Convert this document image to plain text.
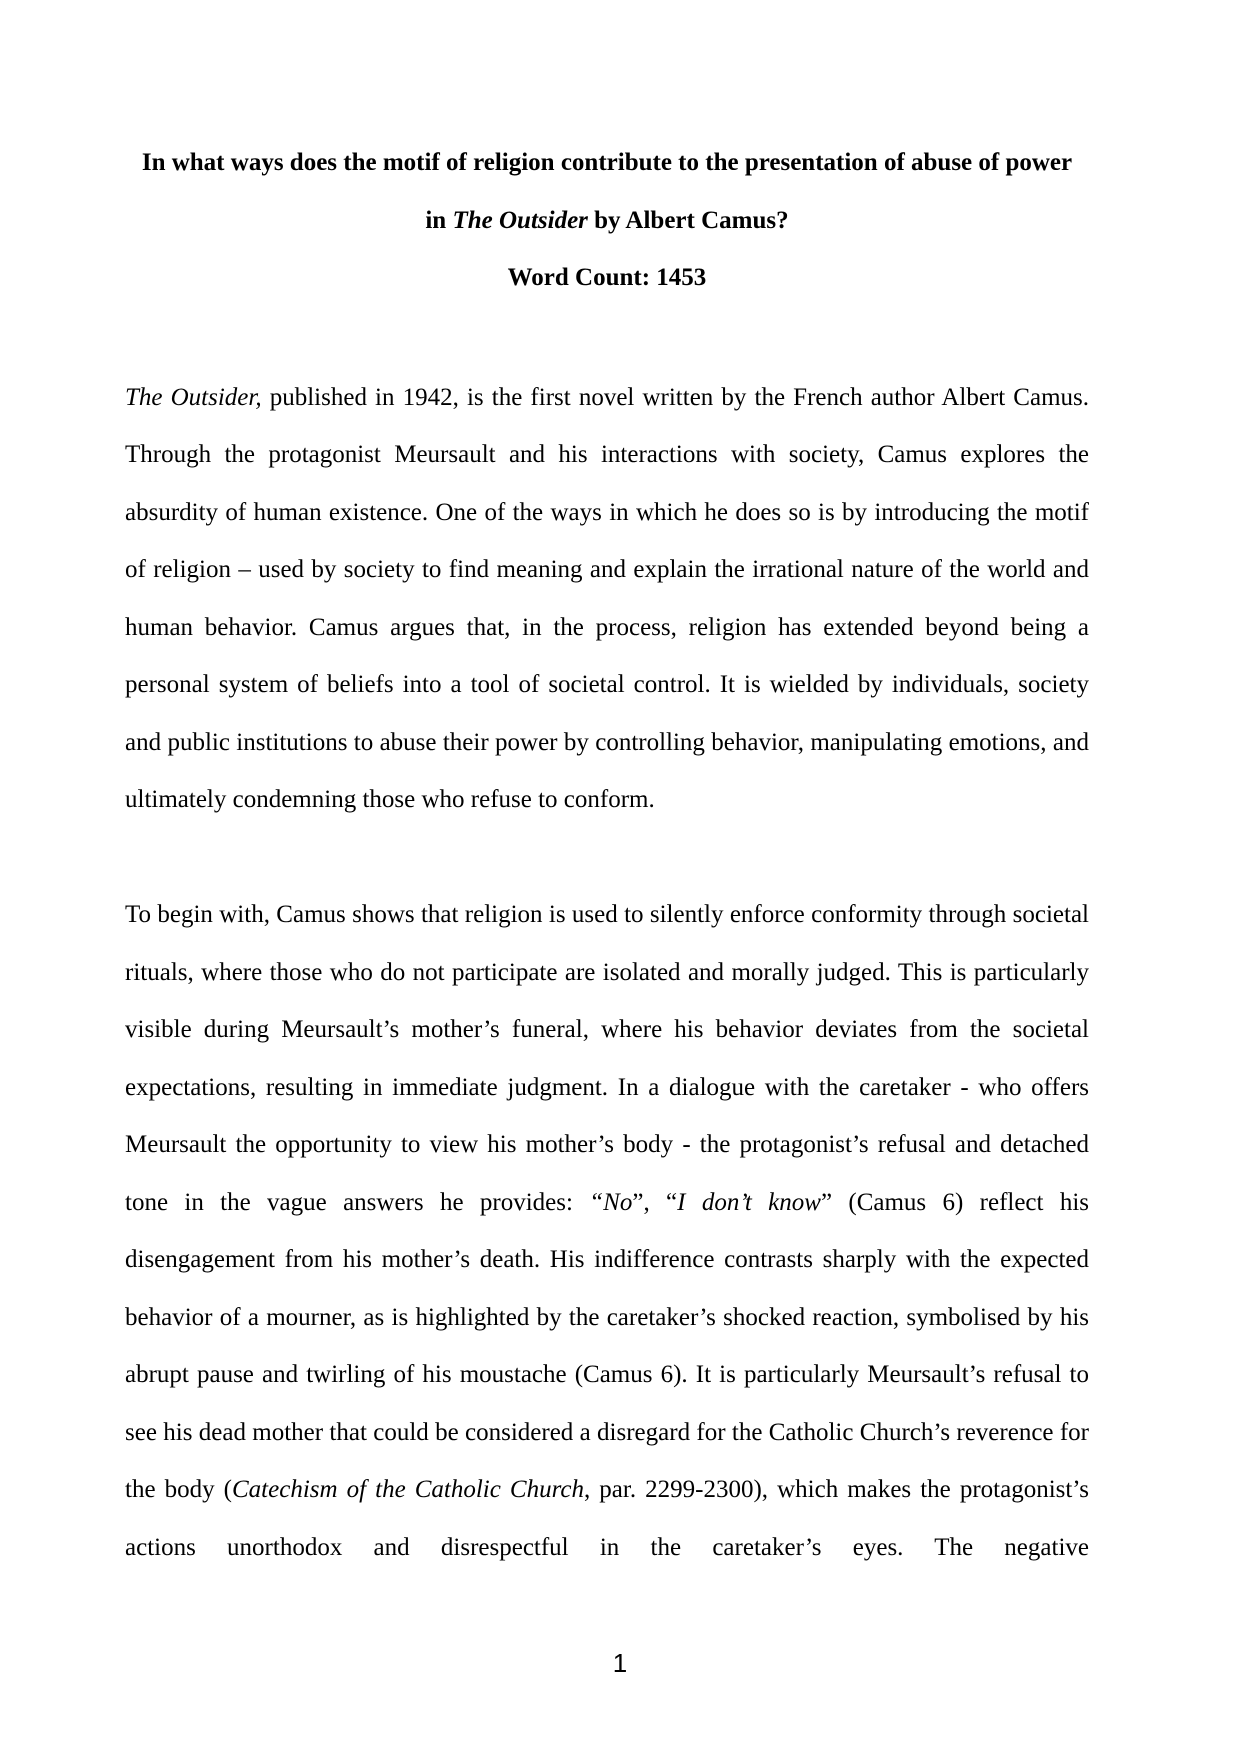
In what ways does the motif of religion contribute to the presentation of abuse of power
in The Outsider by Albert Camus?
Word Count: 1453

The Outsider, published in 1942, is the first novel written by the French author Albert Camus. Through the protagonist Meursault and his interactions with society, Camus explores the absurdity of human existence. One of the ways in which he does so is by introducing the motif of religion – used by society to find meaning and explain the irrational nature of the world and human behavior. Camus argues that, in the process, religion has extended beyond being a personal system of beliefs into a tool of societal control. It is wielded by individuals, society and public institutions to abuse their power by controlling behavior, manipulating emotions, and ultimately condemning those who refuse to conform.

To begin with, Camus shows that religion is used to silently enforce conformity through societal rituals, where those who do not participate are isolated and morally judged. This is particularly visible during Meursault’s mother’s funeral, where his behavior deviates from the societal expectations, resulting in immediate judgment. In a dialogue with the caretaker - who offers Meursault the opportunity to view his mother’s body - the protagonist’s refusal and detached tone in the vague answers he provides: “No”, “I don’t know” (Camus 6) reflect his disengagement from his mother’s death. His indifference contrasts sharply with the expected behavior of a mourner, as is highlighted by the caretaker’s shocked reaction, symbolised by his abrupt pause and twirling of his moustache (Camus 6). It is particularly Meursault’s refusal to see his dead mother that could be considered a disregard for the Catholic Church’s reverence for the body (Catechism of the Catholic Church, par. 2299-2300), which makes the protagonist’s actions unorthodox and disrespectful in the caretaker’s eyes. The negative

1
